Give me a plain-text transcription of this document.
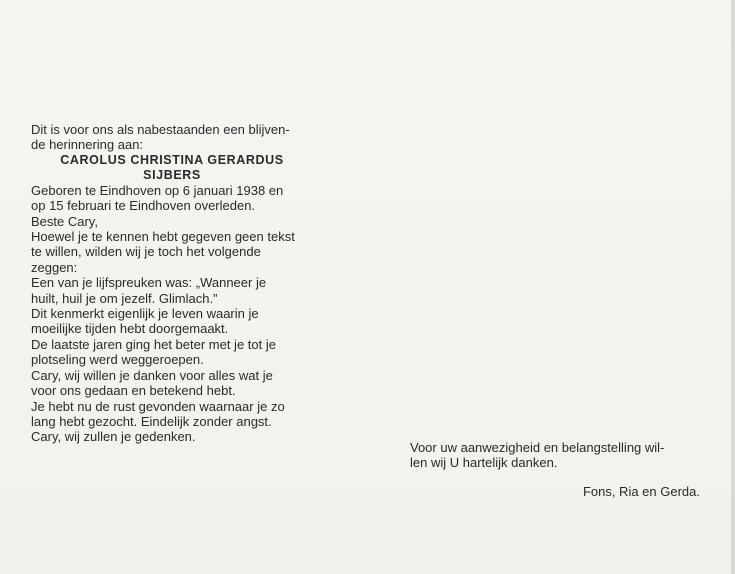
Dit is voor ons als nabestaanden een blijven-
de herinnering aan:

CAROLUS CHRISTINA GERARDUS
SIJBERS

Geboren te Eindhoven op 6 januari 1938 en
op 15 februari te Eindhoven overleden.

Beste Cary,

Hoewel je te kennen hebt gegeven geen tekst
te willen, wilden wij je toch het volgende
zeggen:
Een van je lijfspreuken was: „Wanneer je
huilt, huil je om jezelf. Glimlach.”
Dit kenmerkt eigenlijk je leven waarin je
moeilijke tijden hebt doorgemaakt.
De laatste jaren ging het beter met je tot je
plotseling werd weggeroepen.
Cary, wij willen je danken voor alles wat je
voor ons gedaan en betekend hebt.
Je hebt nu de rust gevonden waarnaar je zo
lang hebt gezocht. Eindelijk zonder angst.
Cary, wij zullen je gedenken.

Voor uw aanwezigheid en belangstelling wil-
len wij U hartelijk danken.

Fons, Ria en Gerda.
